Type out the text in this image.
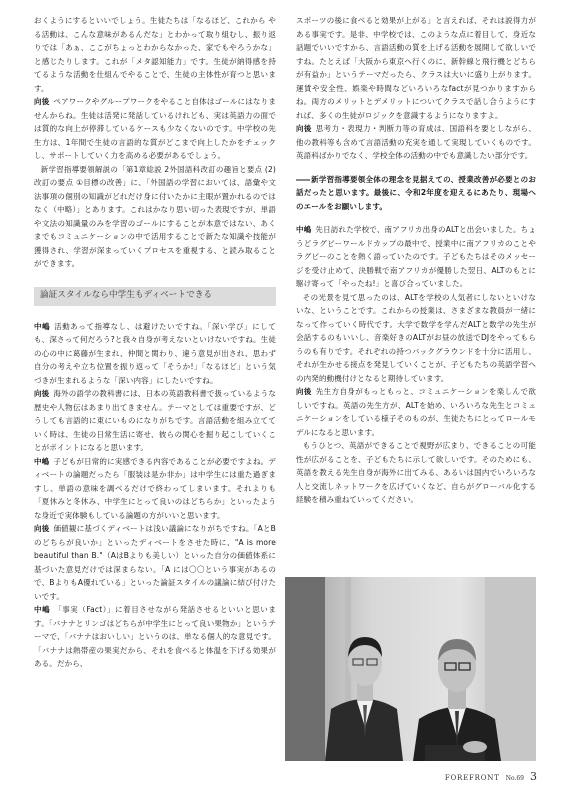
おくようにするといいでしょう。生徒たちは「なるほど、これから やる活動は、こんな意味があるんだな」とわかって取り組むし、振り返りでは「あぁ、ここがちょっとわからなかった、家でもやろうかな」と感じたりします。これが「メタ認知能力」です。生徒が納得感を持てるような活動を仕組んでやることで、生徒の主体性が育つと思います。

向後 ペアワークやグループワークをやること自体はゴールにはなりませんからね。生徒は活発に発話しているけれども、実は英語力の面では質的な向上が停滞しているケースも少なくないのです。中学校の先生方は、1年間で生徒の言語的な質がどこまで向上したかをチェックし、サポートしていく力を高める必要があるでしょう。

新学習指導要領解説の「第1章総説 2外国語科改訂の趣旨と要点 (2) 改訂の要点 ①目標の改善」に、「外国語の学習においては、語彙や文法事項の個別の知識がどれだけ身に付いたかに主眼が置かれるのではなく（中略）」とあります。これはかなり思い切った表現ですが、単語や文法の知識量のみを学習のゴールにすることが本意ではない、あくまでもコミュニケーションの中で活用することで新たな知識や技能が獲得され、学習が深まっていくプロセスを重視する、と読み取ることができます。

論証スタイルなら中学生もディベートできる

中嶋 活動あって指導なし、は避けたいですね。「深い学び」にしても、深さって何だろう?と我々自身が考えないといけないですね。生徒の心の中に葛藤が生まれ、仲間と関わり、違う意見が出され、思わず自分の考えや立ち位置を振り返って「そうか!」「なるほど」という気づきが生まれるような「深い内容」にしたいですね。

向後 海外の語学の教科書には、日本の英語教科書で扱っているような歴史や人物伝はあまり出てきません。テーマとしては重要ですが、どうしても言語的に東にいものになりがちです。言語活動を組み立てていく時は、生徒の日常生活に寄せ、彼らの関心を掘り起こしていくことがポイントになると思います。

中嶋 子どもが日常的に実感できる内容であることが必要ですよね。ディベートの論題だったら「服装は是か非か」は中学生には重た過ぎますし、単語の意味を調べるだけで終わってしまいます。それよりも「夏休みと冬休み、中学生にとって良いのはどちらか」といったような身近で実体験もしている論題の方がいいと思います。

向後 価値観に基づくディベートは浅い議論になりがちですね。「AとBのどちらが良いか」といったディベートをさせた時に、"A is more beautiful than B."（AはBよりも美しい）といった自分の価値体系に基づいた意見だけでは深まらない。「A には〇〇という事実があるので、BよりもA優れている」といった論証スタイルの議論に結び付けたいです。

中嶋 「事実（Fact）」に着目させながら発話させるといいと思います。「バナナとリンゴはどちらが中学生にとって良い果物か」というテーマで、「バナナはおいしい」というのは、単なる個人的な意見です。「バナナは熱帯産の果実だから、それを食べると体温を下げる効果がある。だから、

スポーツの後に食べると効果が上がる」と言えれば、それは説得力がある事実です。是非、中学校では、このような点に着目して、身近な話題でいいですから、言語活動の質を上げる活動を展開して欲しいですね。たとえば「大阪から東京へ行くのに、新幹線と飛行機とどちらが有益か」というテーマだったら、クラスは大いに盛り上がります。運賃や安全性、娯楽や時間などいろいろなfactが見つかりますからね。両方のメリットとデメリットについてクラスで話し合うようにすれば、多くの生徒がロジックを意識するようになりますよ。

向後 思考力・表現力・判断力等の育成は、国語科を要としながら、他の教科等も含めて言語活動の充実を通して実現していくものです。英語科ばかりでなく、学校全体の活動の中でも意識したい部分です。

―― 新学習指導要領全体の理念を見据えての、授業改善が必要とのお話だったと思います。最後に、令和2年度を迎えるにあたり、現場へのエールをお願いします。

中嶋 先日訪れた学校で、南アフリカ出身のALTと出会いました。ちょうどラグビーワールドカップの最中で、授業中に南アフリカのことやラグビーのことを熱く語っていたのです。子どもたちはそのメッセージを受け止めて、決勝戦で南アフリカが優勝した翌日、ALTのもとに駆け寄って「やったね!」と喜び合っていました。

その光景を見て思ったのは、ALTを学校の人気者にしないといけないな、ということです。これからの授業は、さまざまな教員が一緒になって作っていく時代です。大学で数学を学んだALTと数学の先生が会話するのもいいし、音楽好きのALTがお昼の放送でDJをやってもらうのも有りです。それぞれの持つバックグラウンドを十分に活用し、それが生かせる接点を発見していくことが、子どもたちの英語学習への内発的動機付けとなると期待しています。

向後 先生方自身がもっともっと、コミュニケーションを楽しんで欲しいですね。英語の先生方が、ALTを始め、いろいろな先生とコミュニケーションをしている様子そのものが、生徒たちにとってロールモデルになると思います。

もうひとつ、英語ができることで視野が広まり、できることの可能性が広がることを、子どもたちに示して欲しいです。そのためにも、英語を教える先生自身が海外に出てみる、あるいは国内でいろいろな人と交流しネットワークを広げていくなど、自らがグローバル化する経験を積み重ねていってください。

FOREFRONT No.69 3
